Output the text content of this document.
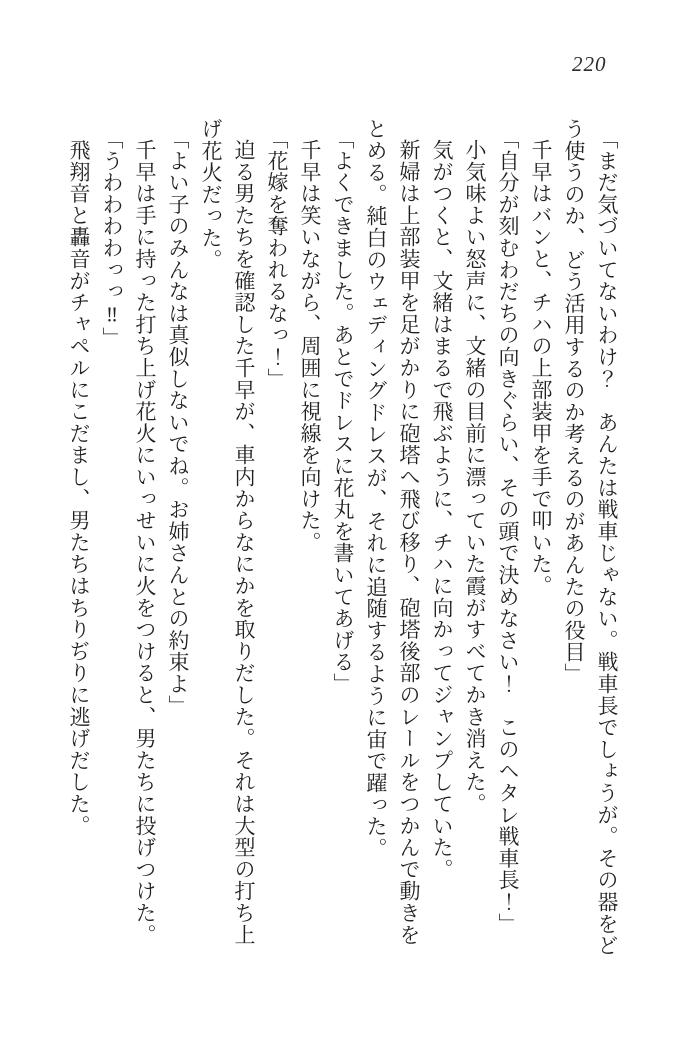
220

「まだ気づいてないわけ？　あんたは戦車じゃない。戦車長でしょうが。その器をどう使うのか、どう活用するのか考えるのがあんたの役目」

千早はバンと、チハの上部装甲を手で叩いた。

「自分が刻むわだちの向きぐらい、その頭で決めなさい！　このヘタレ戦車長！」

小気味よい怒声に、文緒の目前に漂っていた霞がすべてかき消えた。

気がつくと、文緒はまるで飛ぶように、チハに向かってジャンプしていた。

新婦は上部装甲を足がかりに砲塔へ飛び移り、砲塔後部のレールをつかんで動きをとめる。純白のウェディングドレスが、それに追随するように宙で躍った。

「よくできました。あとでドレスに花丸を書いてあげる」

千早は笑いながら、周囲に視線を向けた。

「花嫁を奪われるなっ！」

迫る男たちを確認した千早が、車内からなにかを取りだした。それは大型の打ち上げ花火だった。

「よい子のみんなは真似しないでね。お姉さんとの約束よ」

千早は手に持った打ち上げ花火にいっせいに火をつけると、男たちに投げつけた。

「うわわわわっっ‼」

飛翔音と轟音がチャペルにこだまし、男たちはちりぢりに逃げだした。
